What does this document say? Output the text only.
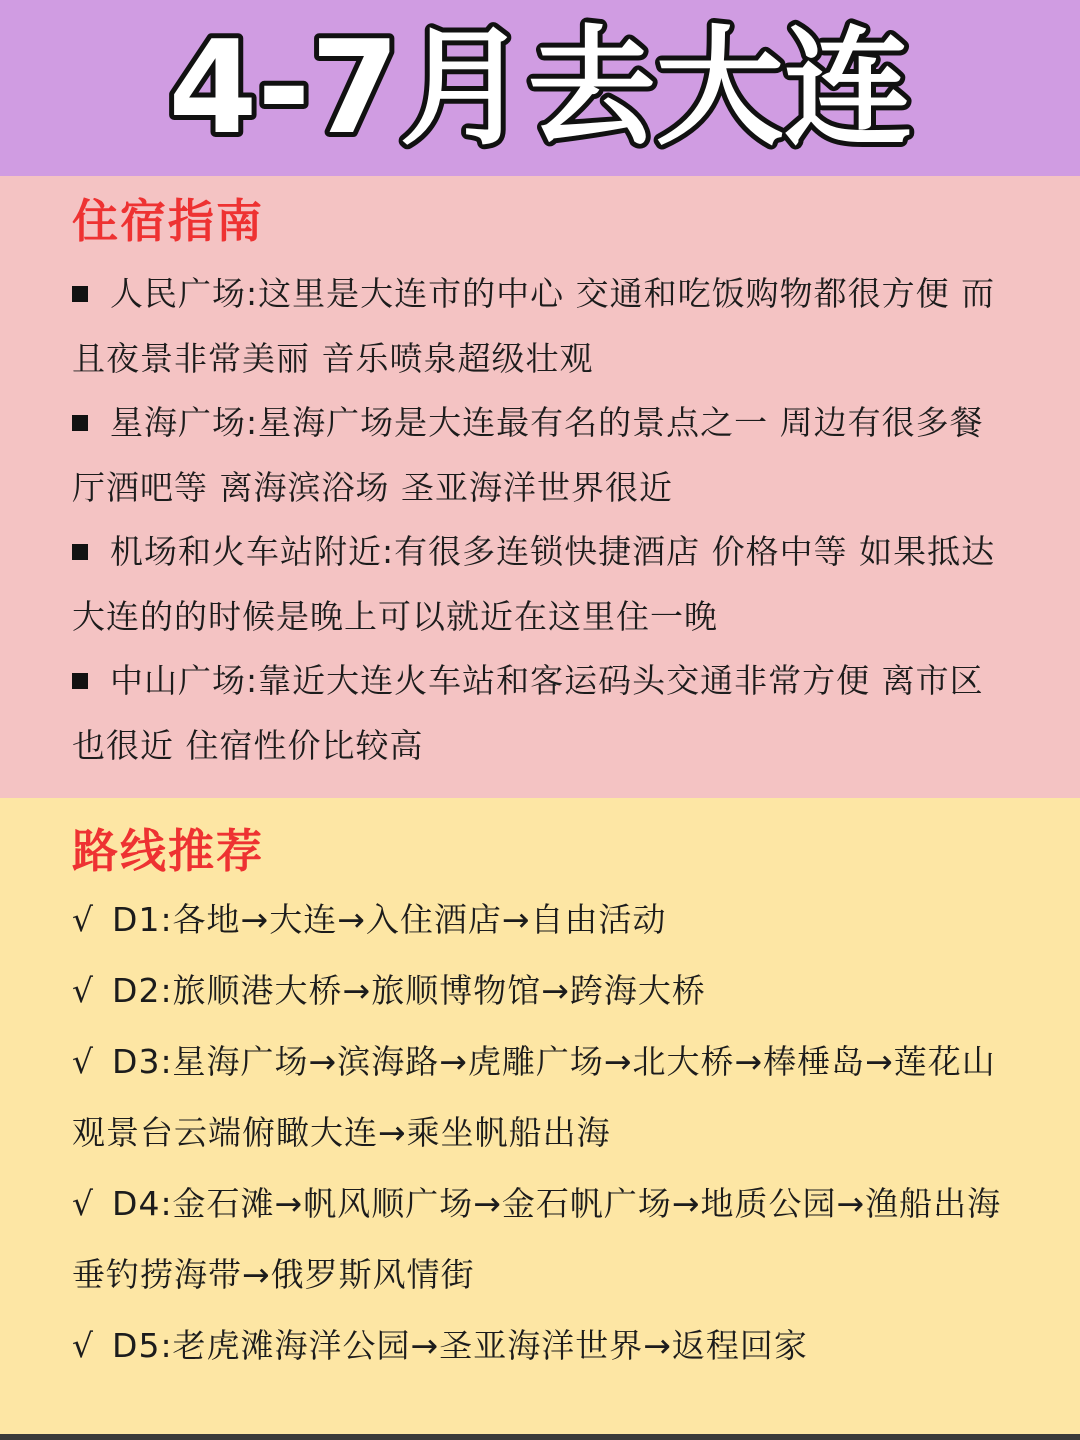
4-7月去大连
住宿指南
人民广场:这里是大连市的中心 交通和吃饭购物都很方便 而且夜景非常美丽 音乐喷泉超级壮观
星海广场:星海广场是大连最有名的景点之一 周边有很多餐厅酒吧等 离海滨浴场 圣亚海洋世界很近
机场和火车站附近:有很多连锁快捷酒店 价格中等 如果抵达大连的的时候是晚上可以就近在这里住一晚
中山广场:靠近大连火车站和客运码头交通非常方便 离市区也很近 住宿性价比较高
路线推荐
√ D1:各地→大连→入住酒店→自由活动
√ D2:旅顺港大桥→旅顺博物馆→跨海大桥
√ D3:星海广场→滨海路→虎雕广场→北大桥→棒棰岛→莲花山观景台云端俯瞰大连→乘坐帆船出海
√ D4:金石滩→帆风顺广场→金石帆广场→地质公园→渔船出海垂钓捞海带→俄罗斯风情街
√ D5:老虎滩海洋公园→圣亚海洋世界→返程回家
